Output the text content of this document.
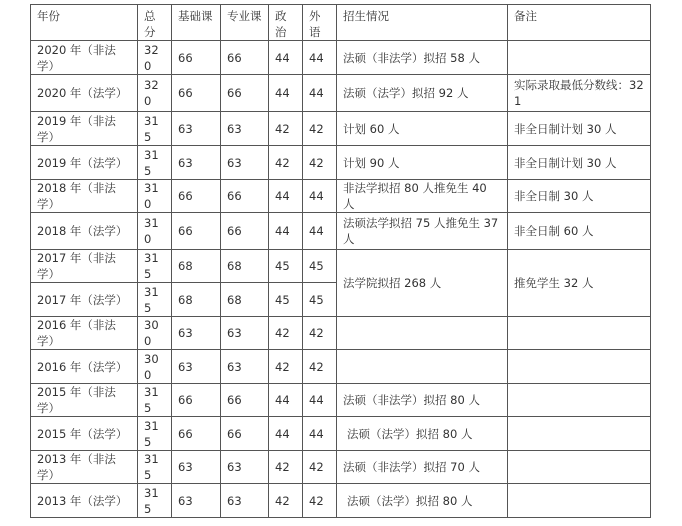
年份	总分	基础课	专业课	政治	外语	招生情况	备注
2020 年（非法学）	320	66	66	44	44	法硕（非法学）拟招 58 人	
2020 年（法学）	320	66	66	44	44	法硕（法学）拟招 92 人	实际录取最低分数线：321
2019 年（非法学）	315	63	63	42	42	计划 60 人	非全日制计划 30 人
2019 年（法学）	315	63	63	42	42	计划 90 人	非全日制计划 30 人
2018 年（非法学）	310	66	66	44	44	非法学拟招 80 人推免生 40 人	非全日制 30 人
2018 年（法学）	310	66	66	44	44	法硕法学拟招 75 人推免生 37 人	非全日制 60 人
2017 年（非法学）	315	68	68	45	45	法学院拟招 268 人	推免学生 32 人
2017 年（法学）	315	68	68	45	45		
2016 年（非法学）	300	63	63	42	42		
2016 年（法学）	300	63	63	42	42		
2015 年（非法学）	315	66	66	44	44	法硕（非法学）拟招 80 人	
2015 年（法学）	315	66	66	44	44	法硕（法学）拟招 80 人	
2013 年（非法学）	315	63	63	42	42	法硕（非法学）拟招 70 人	
2013 年（法学）	315	63	63	42	42	法硕（法学）拟招 80 人	
